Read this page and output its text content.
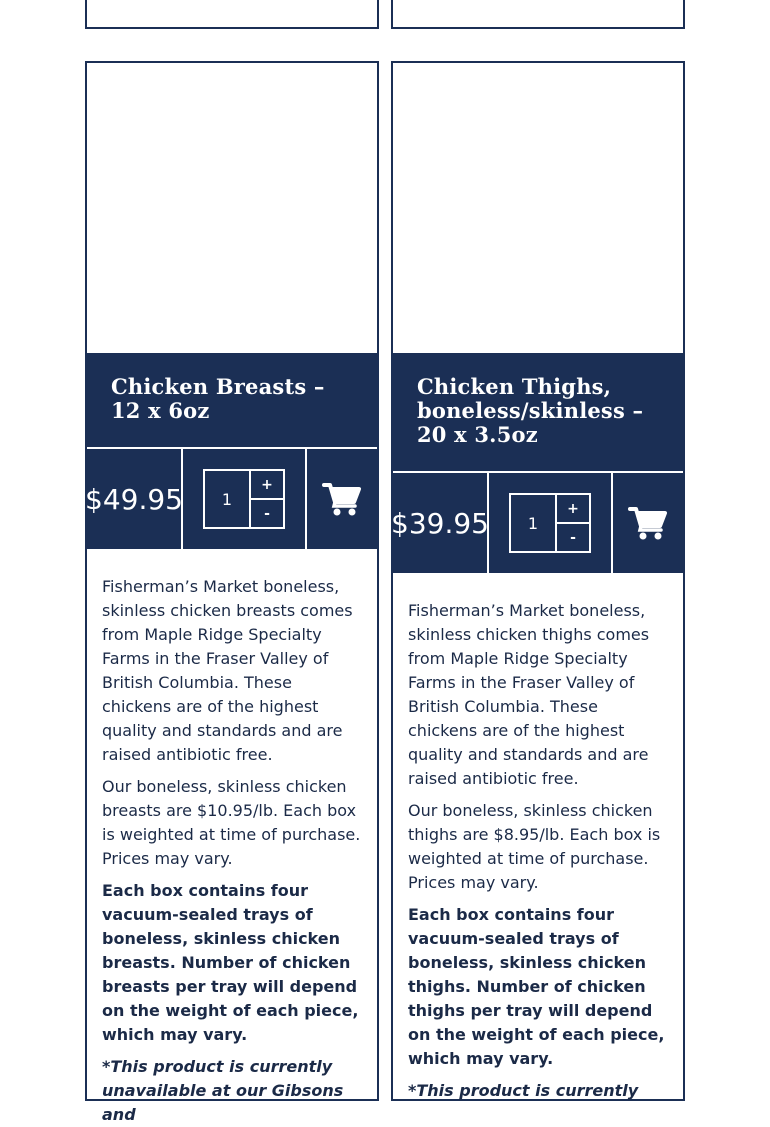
Chicken Breasts – 12 x 6oz
$49.95
1	+
-

Fisherman’s Market boneless, skinless chicken breasts comes from Maple Ridge Specialty Farms in the Fraser Valley of British Columbia. These chickens are of the highest quality and standards and are raised antibiotic free.

Our boneless, skinless chicken breasts are $10.95/lb. Each box is weighted at time of purchase. Prices may vary.

Each box contains four vacuum-sealed trays of boneless, skinless chicken breasts. Number of chicken breasts per tray will depend on the weight of each piece, which may vary.

*This product is currently unavailable at our Gibsons and

Chicken Thighs, boneless/skinless – 20 x 3.5oz
$39.95
1	+
-

Fisherman’s Market boneless, skinless chicken thighs comes from Maple Ridge Specialty Farms in the Fraser Valley of British Columbia. These chickens are of the highest quality and standards and are raised antibiotic free.

Our boneless, skinless chicken thighs are $8.95/lb. Each box is weighted at time of purchase. Prices may vary.

Each box contains four vacuum-sealed trays of boneless, skinless chicken thighs. Number of chicken thighs per tray will depend on the weight of each piece, which may vary.

*This product is currently
